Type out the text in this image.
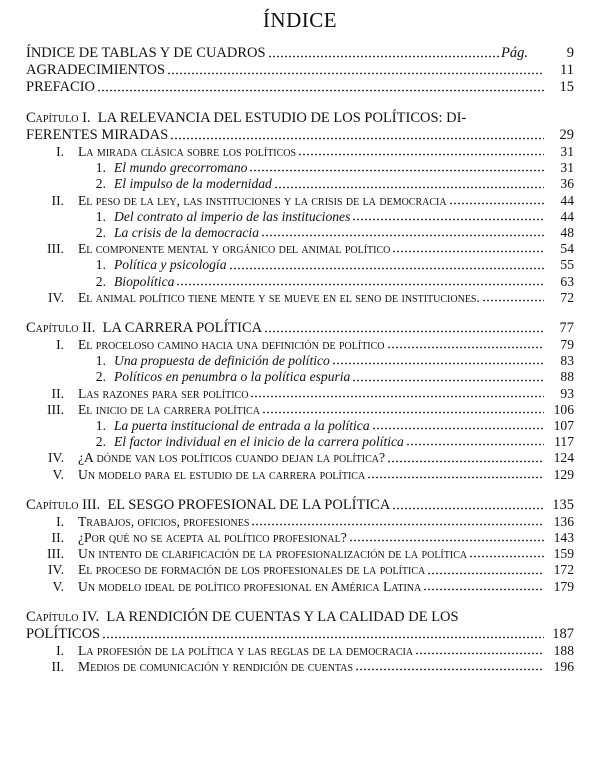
ÍNDICE
ÍNDICE DE TABLAS Y DE CUADROS	Pág.	9
AGRADECIMIENTOS	11
PREFACIO	15
Capítulo I. LA RELEVANCIA DEL ESTUDIO DE LOS POLÍTICOS: DI-
FERENTES MIRADAS	29
I. La mirada clásica sobre los políticos	31
1. El mundo grecorromano	31
2. El impulso de la modernidad	36
II. El peso de la ley, las instituciones y la crisis de la democracia	44
1. Del contrato al imperio de las instituciones	44
2. La crisis de la democracia	48
III. El componente mental y orgánico del animal político	54
1. Política y psicología	55
2. Biopolítica	63
IV. El animal político tiene mente y se mueve en el seno de instituciones.	72
Capítulo II. LA CARRERA POLÍTICA	77
I. El proceloso camino hacia una definición de político	79
1. Una propuesta de definición de político	83
2. Políticos en penumbra o la política espuria	88
II. Las razones para ser político	93
III. El inicio de la carrera política	106
1. La puerta institucional de entrada a la política	107
2. El factor individual en el inicio de la carrera política	117
IV. ¿A dónde van los políticos cuando dejan la política?	124
V. Un modelo para el estudio de la carrera política	129
Capítulo III. EL SESGO PROFESIONAL DE LA POLÍTICA	135
I. Trabajos, oficios, profesiones	136
II. ¿Por qué no se acepta al político profesional?	143
III. Un intento de clarificación de la profesionalización de la política	159
IV. El proceso de formación de los profesionales de la política	172
V. Un modelo ideal de político profesional en América Latina	179
Capítulo IV. LA RENDICIÓN DE CUENTAS Y LA CALIDAD DE LOS
POLÍTICOS	187
I. La profesión de la política y las reglas de la democracia	188
II. Medios de comunicación y rendición de cuentas	196
